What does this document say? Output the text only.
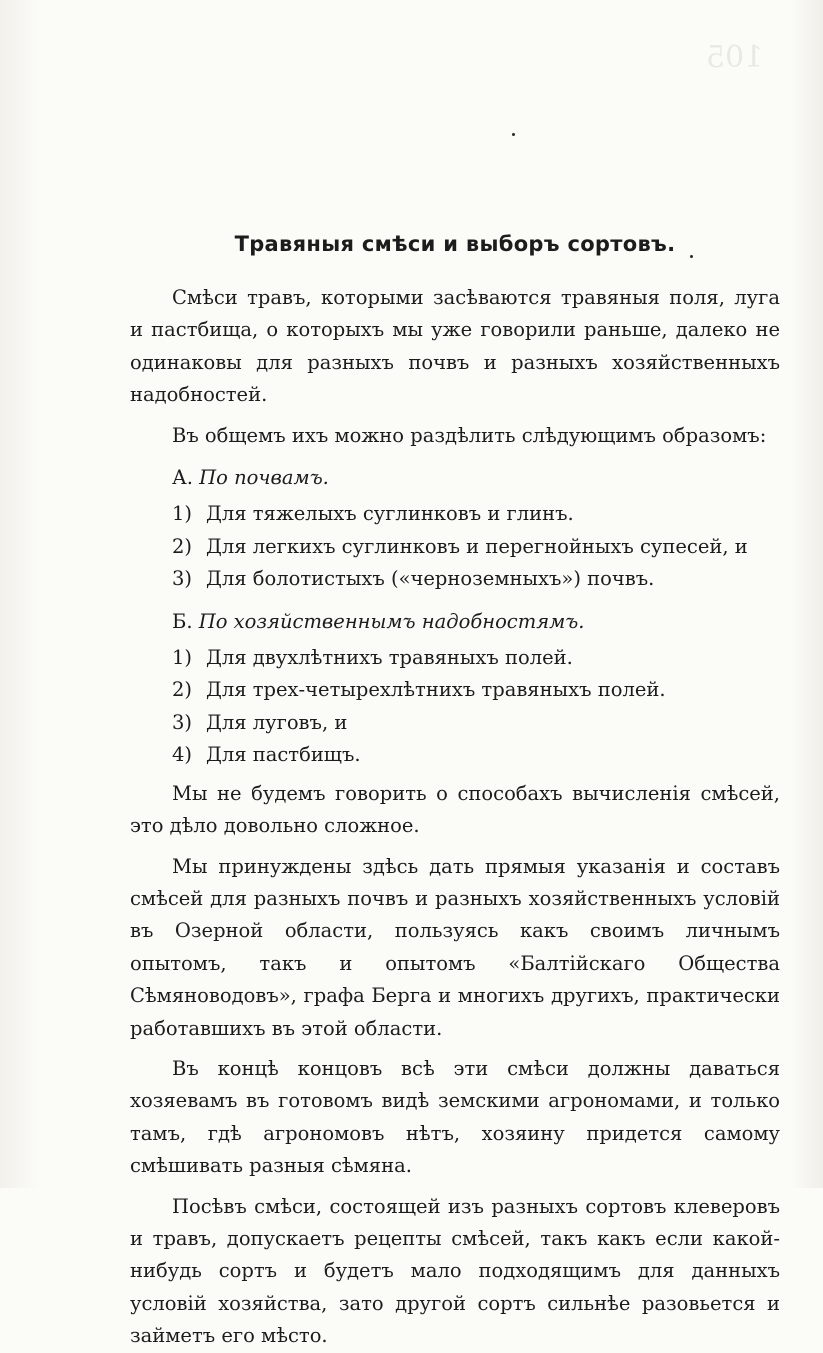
105
Травяныя смѣси и выборъ сортовъ.

Смѣси травъ, которыми засѣваются травяныя поля, луга и пастбища, о которыхъ мы уже говорили раньше, далеко не одинаковы для разныхъ почвъ и разныхъ хозяйственныхъ надобностей.

Въ общемъ ихъ можно раздѣлить слѣдующимъ образомъ:

А. По почвамъ.
1) Для тяжелыхъ суглинковъ и глинъ.
2) Для легкихъ суглинковъ и перегнойныхъ супесей, и
3) Для болотистыхъ («черноземныхъ») почвъ.
Б. По хозяйственнымъ надобностямъ.
1) Для двухлѣтнихъ травяныхъ полей.
2) Для трех-четырехлѣтнихъ травяныхъ полей.
3) Для луговъ, и
4) Для пастбищъ.

Мы не будемъ говорить о способахъ вычисленія смѣсей, это дѣло довольно сложное.

Мы принуждены здѣсь дать прямыя указанія и составъ смѣсей для разныхъ почвъ и разныхъ хозяйственныхъ условій въ Озерной области, пользуясь какъ своимъ личнымъ опытомъ, такъ и опытомъ «Балтійскаго Общества Сѣмяноводовъ», графа Берга и многихъ другихъ, практически работавшихъ въ этой области.

Въ концѣ концовъ всѣ эти смѣси должны даваться хозяевамъ въ готовомъ видѣ земскими агрономами, и только тамъ, гдѣ агрономовъ нѣтъ, хозяину придется самому смѣшивать разныя сѣмяна.

Посѣвъ смѣси, состоящей изъ разныхъ сортовъ клеверовъ и травъ, допускаетъ рецепты смѣсей, такъ какъ если какой-нибудь сортъ и будетъ мало подходящимъ для данныхъ условій хозяйства, зато другой сортъ сильнѣе разовьется и займетъ его мѣсто.
